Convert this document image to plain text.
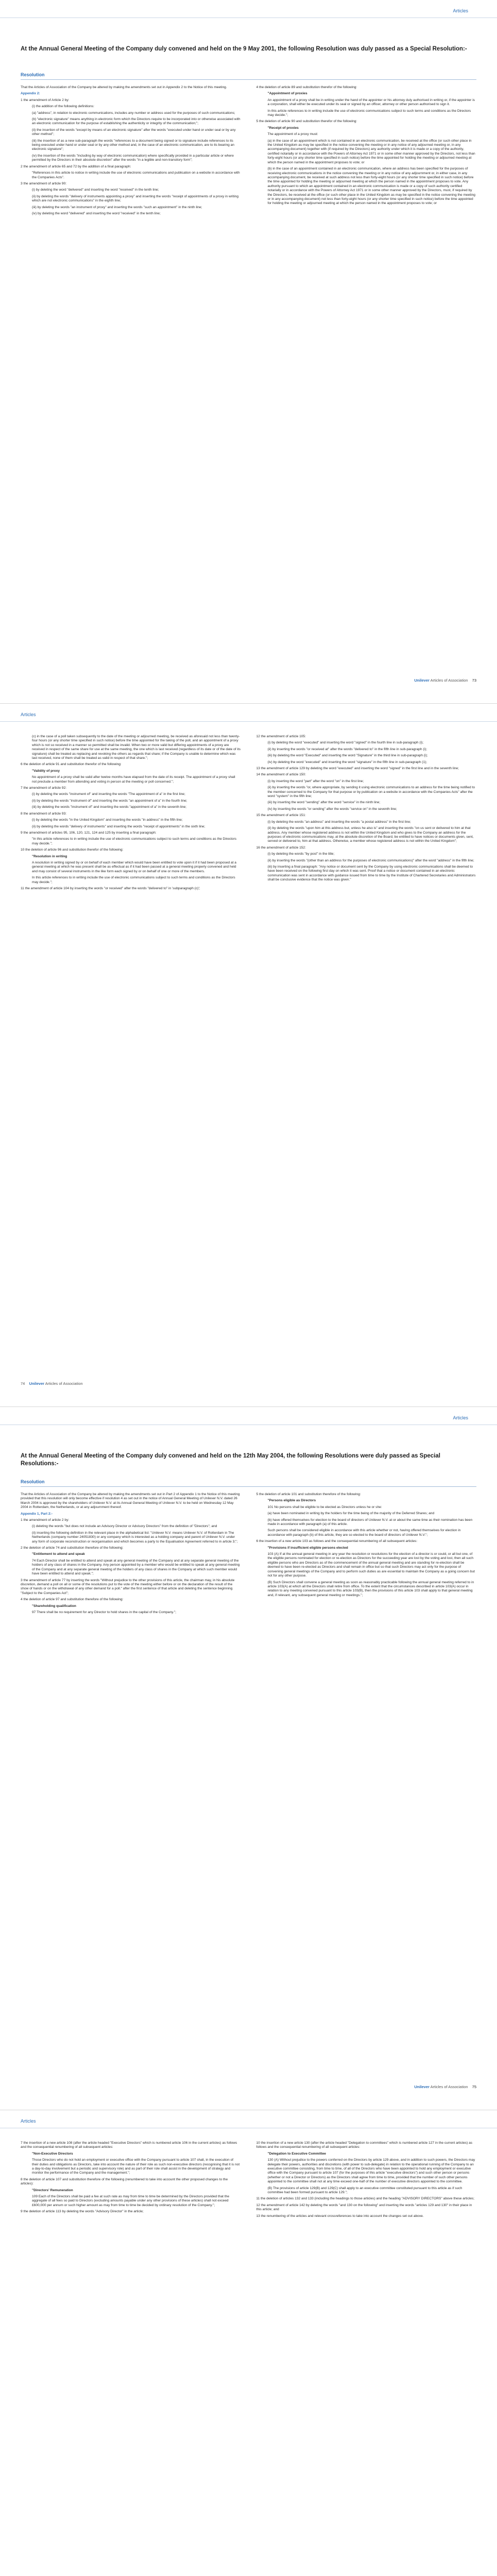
Articles
At the Annual General Meeting of the Company duly convened and held on the 9 May 2001, the following Resolution was duly passed as a Special Resolution:-
Resolution

That the Articles of Association of the Company be altered by making the amendments set out in Appendix 2 to the Notice of this meeting.

Appendix 2:

1 the amendment of Article 2 by:

(i) the addition of the following definitions:

(a) "address", in relation to electronic communications, includes any number or address used for the purposes of such communications;

(b) "electronic signature" means anything in electronic form which the Directors require to be incorporated into or otherwise associated with an electronic communication for the purpose of establishing the authenticity or integrity of the communication;";

(ii) the insertion of the words "except by means of an electronic signature" after the words "executed under hand or under seal or by any other method";

(iii) the insertion of as a new sub-paragraph the words "references to a document being signed or to signature include references to its being executed under hand or under seal or by any other method and, in the case of an electronic communication, are to its bearing an electronic signature";

(iv) the insertion of the words "including by way of electronic communication) where specifically provided in a particular article or where permitted by the Directors in their absolute discretion" after the words "in a legible and non-transitory form";

2 the amendment of article 65 and 72 by the addition of a final paragraph:

"References in this article to notice in writing include the use of electronic communications and publication on a website in accordance with the Companies Acts".

3 the amendment of article 90:

(i) by deleting the word "delivered" and inserting the word "received" in the tenth line;

(ii) by deleting the words "delivery of instruments appointing a proxy" and inserting the words "receipt of appointments of a proxy in writing which are not electronic communications" in the eighth line;

(iii) by deleting the words "an instrument of proxy" and inserting the words "such an appointment" in the ninth line;

(iv) by deleting the word "delivered" and inserting the word "received" in the tenth line;

4 the deletion of article 89 and substitution therefor of the following:

"Appointment of proxies

An appointment of a proxy shall be in writing under the hand of the appointer or his attorney duly authorised in writing or, if the appointer is a corporation, shall either be executed under its seal or signed by an officer, attorney or other person authorised to sign it.

In this article references to in writing include the use of electronic communications subject to such terms and conditions as the Directors may decide.";

5 the deletion of article 90 and substitution therefor of the following:

"Receipt of proxies

The appointment of a proxy must:

(a) in the case of an appointment which is not contained in an electronic communication, be received at the office (or such other place in the United Kingdom as may be specified in the notice convening the meeting or in any notice of any adjourned meeting or, in any accompanying document) together with (if required by the Directors) any authority under which it is made or a copy of the authority, certified notarially or in accordance with the Powers of Attorney Act 1971 or in some other manner approved by the Directors, not less than forty-eight hours (or any shorter time specified in such notice) before the time appointed for holding the meeting or adjourned meeting at which the person named in the appointment proposes to vote; or

(b) in the case of an appointment contained in an electronic communication, where an address has been specified for the purposes of receiving electronic communications in the notice convening the meeting or in any notice of any adjournment or, in either case, in any accompanying document, be received at such address not less than forty-eight hours (or any shorter time specified in such notice) before the time appointed for holding the meeting or adjourned meeting at which the person named in the appointment proposes to vote. Any authority pursuant to which an appointment contained in an electronic communication is made or a copy of such authority certified notarially or in accordance with the Powers of Attorney Act 1971 or in some other manner approved by the Directors, must, if required by the Directors, be received at the office (or such other place in the United Kingdom as may be specified in the notice convening the meeting or in any accompanying document) not less than forty-eight hours (or any shorter time specified in such notice) before the time appointed for holding the meeting or adjourned meeting at which the person named in the appointment proposes to vote; or

Unilever Articles of Association 73
Articles

(c) in the case of a poll taken subsequently to the date of the meeting or adjourned meeting, be received as aforesaid not less than twenty-four hours (or any shorter time specified in such notice) before the time appointed for the taking of the poll, and an appointment of a proxy which is not so received in a manner so permitted shall be invalid. When two or more valid but differing appointments of a proxy are received in respect of the same share for use at the same meeting, the one which is last received (regardless of its date or of the date of its signature) shall be treated as replacing and revoking the others as regards that share; if the Company is unable to determine which was last received, none of them shall be treated as valid in respect of that share.";

6 the deletion of article 91 and substitution therefor of the following:

"Validity of proxy

No appointment of a proxy shall be valid after twelve months have elapsed from the date of its receipt. The appointment of a proxy shall not preclude a member from attending and voting in person at the meeting or poll concerned.";

7 the amendment of article 92:

(i) by deleting the words "instrument of" and inserting the words "The appointment of a" in the first line;

(ii) by deleting the words "instrument of" and inserting the words "an appointment of a" in the fourth line;

(iii) by deleting the words "instrument of" and inserting the words "appointment of a" in the seventh line;

8 the amendment of article 93:

(i) by deleting the words "in the United Kingdom" and inserting the words "in address" in the fifth line;

(ii) by deleting the words "delivery of instruments" and inserting the words "receipt of appointments" in the sixth line;

9 the amendment of articles 95, 106, 120, 121, 124 and 125 by inserting a final paragraph:

"In this article references to in writing include the use of electronic communications subject to such terms and conditions as the Directors may decide.";

10 the deletion of article 96 and substitution therefor of the following:

"Resolution in writing

A resolution in writing signed by or on behalf of each member which would have been entitled to vote upon it if it had been proposed at a general meeting at which he was present shall be as effectual as if it had been passed at a general meeting properly convened and held and may consist of several instruments in the like form each signed by or on behalf of one or more of the members.

In this article references to in writing include the use of electronic communications subject to such terms and conditions as the Directors may decide.";

11 the amendment of article 104 by inserting the words "or received" after the words "delivered to" in 'subparagraph (c)';

12 the amendment of article 105:

(i) by deleting the word "executed" and inserting the word "signed" in the fourth line in sub-paragraph (i);

(ii) by inserting the words "or received at" after the words "delivered to" in the fifth line in sub-paragraph (i);

(iii) by deleting the word "Executed" and inserting the word "Signature" in the third line in sub-paragraph (i);

(iv) by deleting the word "executed" and inserting the word "signature" in the fifth line in sub-paragraph (1);

13 the amendment of article 129 by deleting the word "executed" and inserting the word "signed" in the first line and in the seventh line;

14 the amendment of article 150:

(i) by inserting the word "part" after the word "on" in the first line;

(ii) by inserting the words "or, where appropriate, by sending it using electronic communications to an address for the time being notified to the member concerned to the Company for that purpose or by publication on a website in accordance with the Companies Acts" after the word "system" in the fifth line;

(iii) by inserting the word "sending" after the word "service" in the ninth line;

(iv) by inserting the words "or sending" after the words "service on" in the seventh line;

15 the amendment of article 151:

(i) by deleting the words "an address" and inserting the words "a postal address" in the first line;

(ii) by deleting the words "upon him at this address but, unless he also is" and inserting the words "on us sent or delivered to him at that address. Any member whose registered address is not within the United Kingdom and who gives to the Company an address for the purposes of electronic communications may, at the absolute discretion of the Board, be entitled to have notices or documents given, sent, served or delivered to, him at that address. Otherwise, a member whose registered address is not within the United Kingdom";

16 the amendment of article 152:

(i) by deleting the words "by post" in the title;

(ii) by inserting the words "(other than an address for the purposes of electronic communications)" after the word "address" in the fifth line;

(iii) by inserting a final paragraph: "Any notice or document sent by the Company by using electronic communications shall be deemed to have been received on the following first day on which it was sent. Proof that a notice or document contained in an electronic communication was sent in accordance with guidance issued from time to time by the Institute of Chartered Secretaries and Administrators shall be conclusive evidence that the notice was given."

74 Unilever Articles of Association
Articles
At the Annual General Meeting of the Company duly convened and held on the 12th May 2004, the following Resolutions were duly passed as Special Resolutions:-
Resolution

That the Articles of Association of the Company be altered by making the amendments set out in Part 2 of Appendix 1 to the Notice of this meeting provided that this resolution will only become effective if resolution 4 as set out in the notice of Annual General Meeting of Unilever N.V. dated 26 March 2004 is approved by the shareholders of Unilever N.V. at its Annual General Meeting of Unilever N.V. to be held on Wednesday 12 May 2004 in Rotterdam, the Netherlands, or at any adjournment thereof.

Appendix 1, Part 2:-

1 the amendment of article 2 by:

(i) deleting the words "but does not include an Advisory Director or Advisory Directors" from the definition of "Directors"; and

(ii) inserting the following definition in the relevant place in the alphabetical list: "Unilever N.V. means Unilever N.V. of Rotterdam in The Netherlands (company number 24051830) or any company which is interested as a holding company and parent of Unilever N.V. under any form of corporate reconstruction or reorganisation and which becomes a party to the Equalisation Agreement referred to in article 3;";

2 the deletion of article 74 and substitution therefore of the following:

"Entitlement to attend and speak

74 Each Director shall be entitled to attend and speak at any general meeting of the Company and at any separate general meeting of the holders of any class of shares in the Company. Any person appointed by a member who would be entitled to speak at any general meeting of the Company and at any separate general meeting of the holders of any class of shares in the Company at which such member would have been entitled to attend and speak.";

3 the amendment of article 77 by inserting the words "Without prejudice to the other provisions of this article, the chairman may, in his absolute discretion, demand a poll on all or some of the resolutions put to the vote of the meeting either before or on the declaration of the result of the show of hands or on the withdrawal of any other demand for a poll." after the first sentence of that article and deleting the sentence beginning "Subject to the Companies Act";

4 the deletion of article 97 and substitution therefore of the following:

"Shareholding qualification

97 There shall be no requirement for any Director to hold shares in the capital of the Company.";

5 the deletion of article 101 and substitution therefore of the following:

"Persons eligible as Directors

101 No persons shall be eligible to be elected as Directors unless he or she:

(a) have been nominated in writing by the holders for the time being of the majority of the Deferred Shares; and

(b) have offered themselves for election to the board of directors of Unilever N.V. at or about the same time as their nomination has been made in accordance with paragraph (a) of this article.

Such persons shall be considered eligible in accordance with this article whether or not, having offered themselves for election in accordance with paragraph (b) of this article, they are so elected to the board of directors of Unilever N.V.";

6 the insertion of a new article 103 as follows and the consequential renumbering of all subsequent articles:

"Provisions if insufficient eligible persons elected

103 (A) If at the annual general meeting in any year the resolution or resolutions for the election of a director is or could, or all but one, of the eligible persons nominated for election or re-election as Directors for the succeeding year are lost by the voting and lost, then all such eligible persons who are Directors as of the commencement of the annual general meeting and are standing for re-election shall be deemed to have been re-elected as Directors and shall remain in office but so that such Directors may act only for the purpose of convening general meetings of the Company and to perform such duties as are essential to maintain the Company as a going concern but not for any other purpose.

(B) Such Directors shall convene a general meeting as soon as reasonably practicable following the annual general meeting referred to in article 103(A) at which all the Directors shall retire from office. To the extent that the circumstances described in article 103(A) occur in relation to any meeting convened pursuant to this article 103(B), then the provisions of this article 103 shall apply to that general meeting and, if relevant, any subsequent general meeting or meetings.";

Unilever Articles of Association 75
Articles

7 the insertion of a new article 108 (after the article headed "Executive Directors" which is numbered article 106 in the current articles) as follows and the consequential renumbering of all subsequent articles:

"Non-Executive Directors

Those Directors who do not hold an employment or executive office with the Company pursuant to article 107 shall, in the execution of their duties and obligations as Directors, take into account the nature of their role as such non-executive directors (recognising that it is not a day-to-day involvement but a periodic and supervisory role) and as part of their role shall assist in the development of strategy and monitor the performance of the Company and the management.";

8 the deletion of article 107 and substitution therefore of the following (renumbered to take into account the other proposed changes to the articles):

"Directors' Remuneration

109 Each of the Directors shall be paid a fee at such rate as may from time to time be determined by the Directors provided that the aggregate of all fees so paid to Directors (excluding amounts payable under any other provisions of these articles) shall not exceed £600,000 per annum or such higher amount as may from time to time be decided by ordinary resolution of the Company.";

9 the deletion of article 113 by deleting the words "Advisory Director" in the article;

10 the insertion of a new article 130 (after the article headed "Delegation to committees" which is numbered article 127 in the current articles) as follows and the consequential renumbering of all subsequent articles:

"Delegation to Executive Committee

130 (A) Without prejudice to the powers conferred on the Directors by article 129 above, and in addition to such powers, the Directors may delegate their powers, authorities and discretions (with power to sub-delegate) in relation to the operational running of the Company to an executive committee consisting, from time to time, of all of the Directors who have been appointed to hold any employment or executive office with the Company pursuant to article 107 (for the purposes of this article "executive directors") and such other person or persons (whether or not a Director or Directors) as the Directors shall agree from time to time, provided that the number of such other persons appointed to the committee shall not at any time exceed one-half of the number of executive directors appointed to the committee.

(B) The provisions of article 129(B) and 129(C) shall apply to an executive committee constituted pursuant to this article as if such committee had been formed pursuant to article 129.";

11 the deletion of articles 132 and 133 (including the headings to those articles) and the heading "ADVISORY DIRECTORS" above these articles;

12 the amendment of article 142 by deleting the words "and 130 on the following" and inserting the words "articles 129 and 130" in their place in this article; and

13 the renumbering of the articles and relevant crossreferences to take into account the changes set out above.
